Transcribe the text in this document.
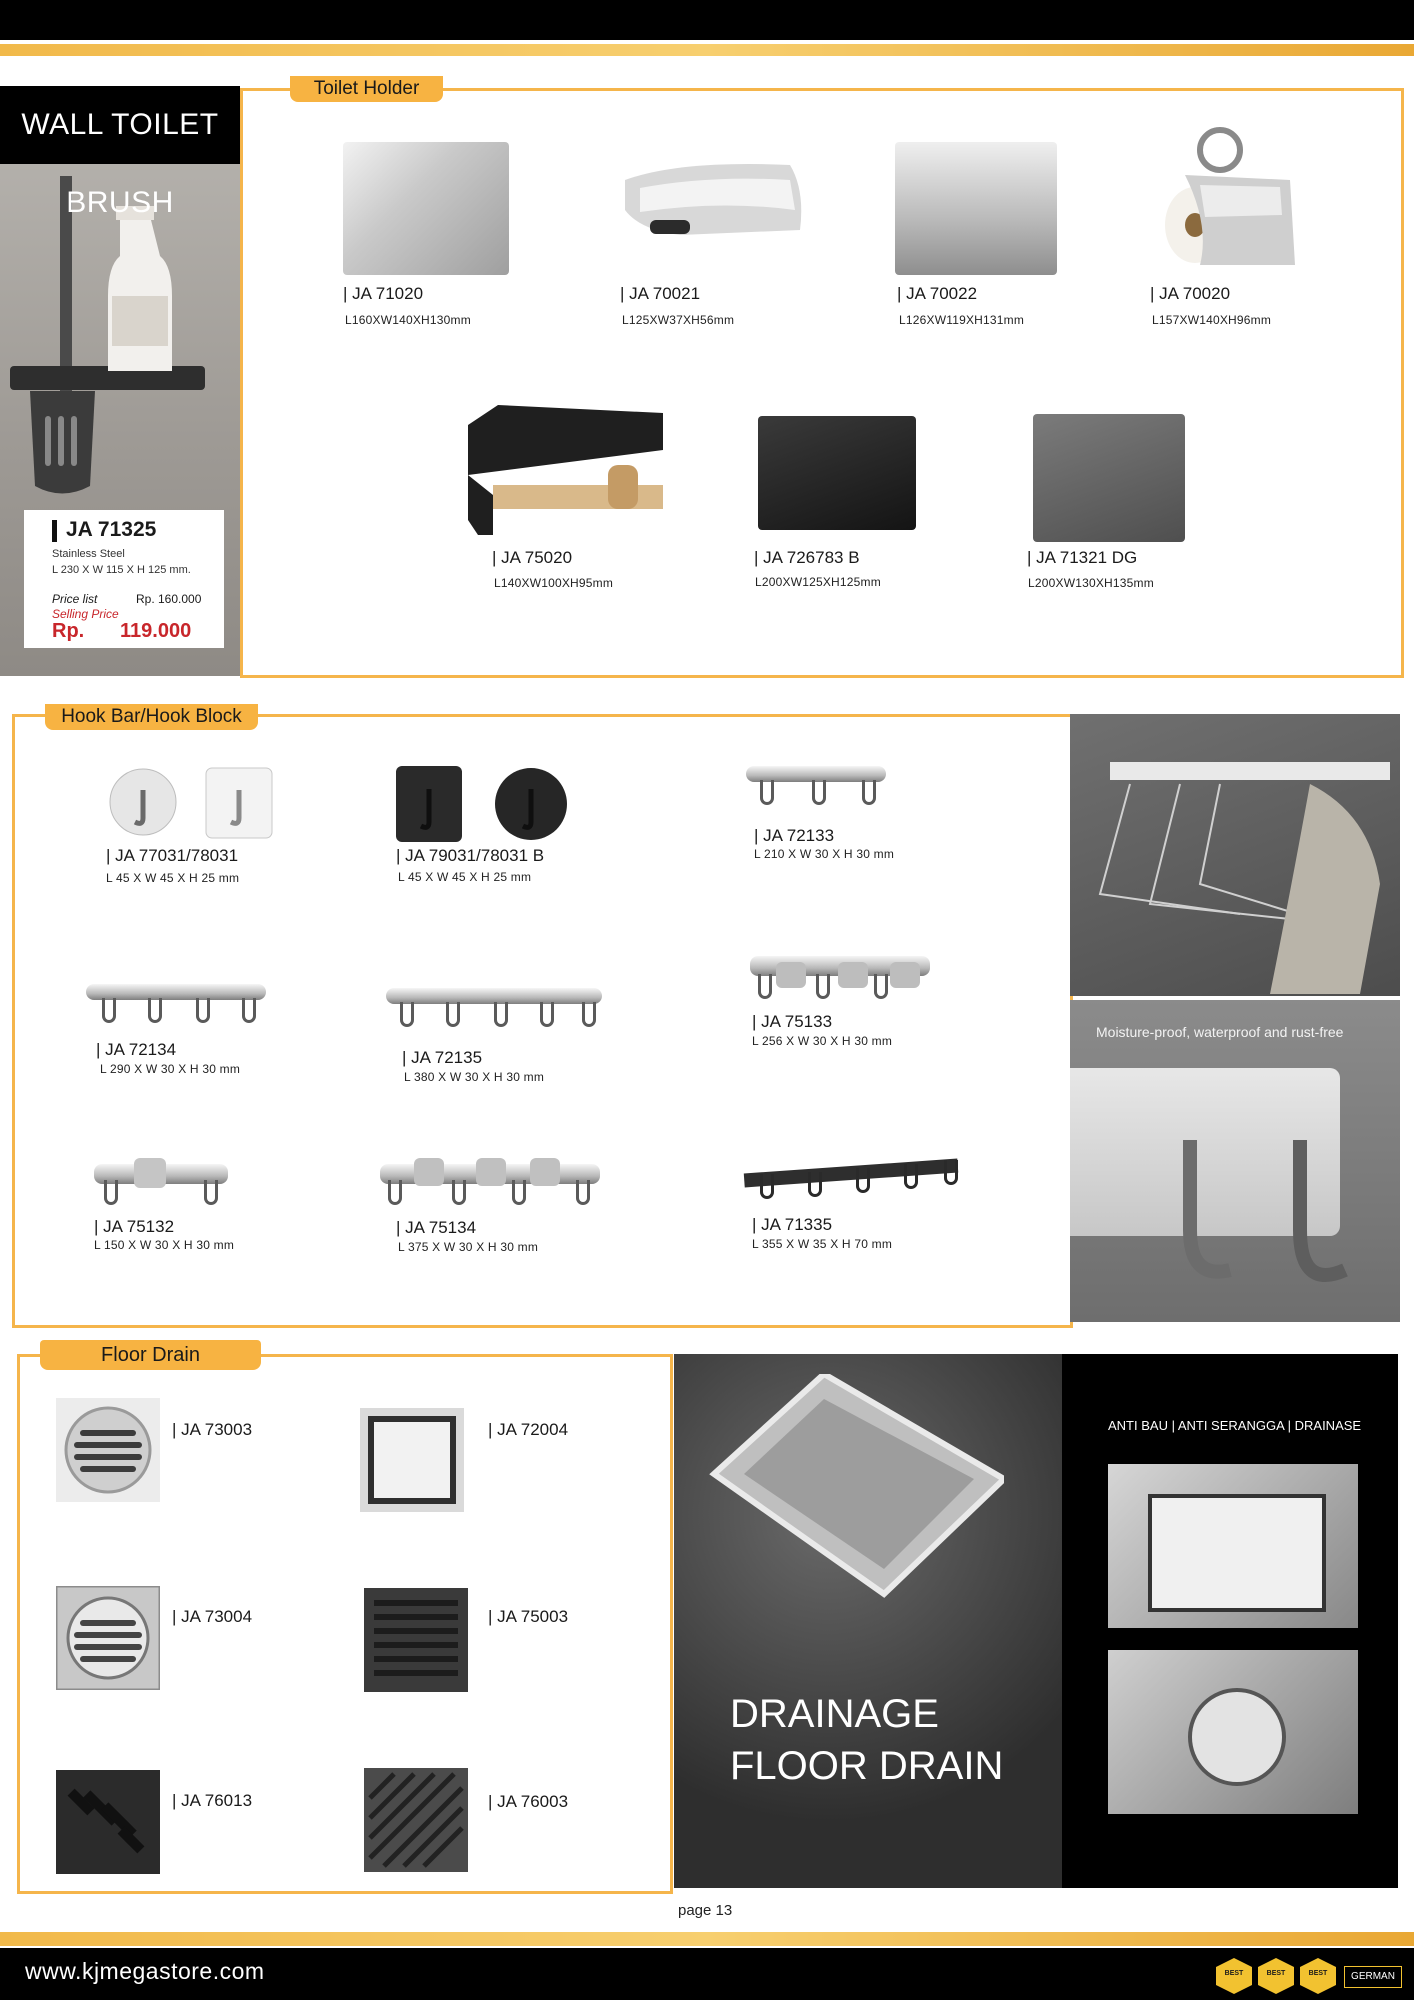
WALL TOILET BRUSH
JA 71325
Stainless Steel
L 230 X W 115 X H 125 mm.
Price list	Rp. 160.000
Selling Price
Rp. 119.000
Toilet Holder
| JA 71020
L160XW140XH130mm
| JA 70021
L125XW37XH56mm
| JA 70022
L126XW119XH131mm
| JA 70020
L157XW140XH96mm
| JA 75020
L140XW100XH95mm
| JA 726783 B
L200XW125XH125mm
| JA 71321 DG
L200XW130XH135mm
Hook Bar/Hook Block
Moisture-proof, waterproof and rust-free
| JA 77031/78031
L 45 X W 45 X H 25 mm
| JA 79031/78031 B
L 45 X W 45 X H 25 mm
| JA 72133
L 210 X W 30 X H 30 mm
| JA 72134
L 290 X W 30 X H 30 mm
| JA 72135
L 380 X W 30 X H 30 mm
| JA 75133
L 256 X W 30 X H 30 mm
| JA 75132
L 150 X W 30 X H 30 mm
| JA 75134
L 375 X W 30 X H 30 mm
| JA 71335
L 355 X W 35 X H 70 mm
Floor Drain
| JA 73003	| JA 72004
| JA 73004	| JA 75003
| JA 76013	| JA 76003
DRAINAGE
FLOOR DRAIN
ANTI BAU | ANTI SERANGGA | DRAINASE
page 13
www.kjmegastore.com	BEST	BEST	BEST	GERMAN
